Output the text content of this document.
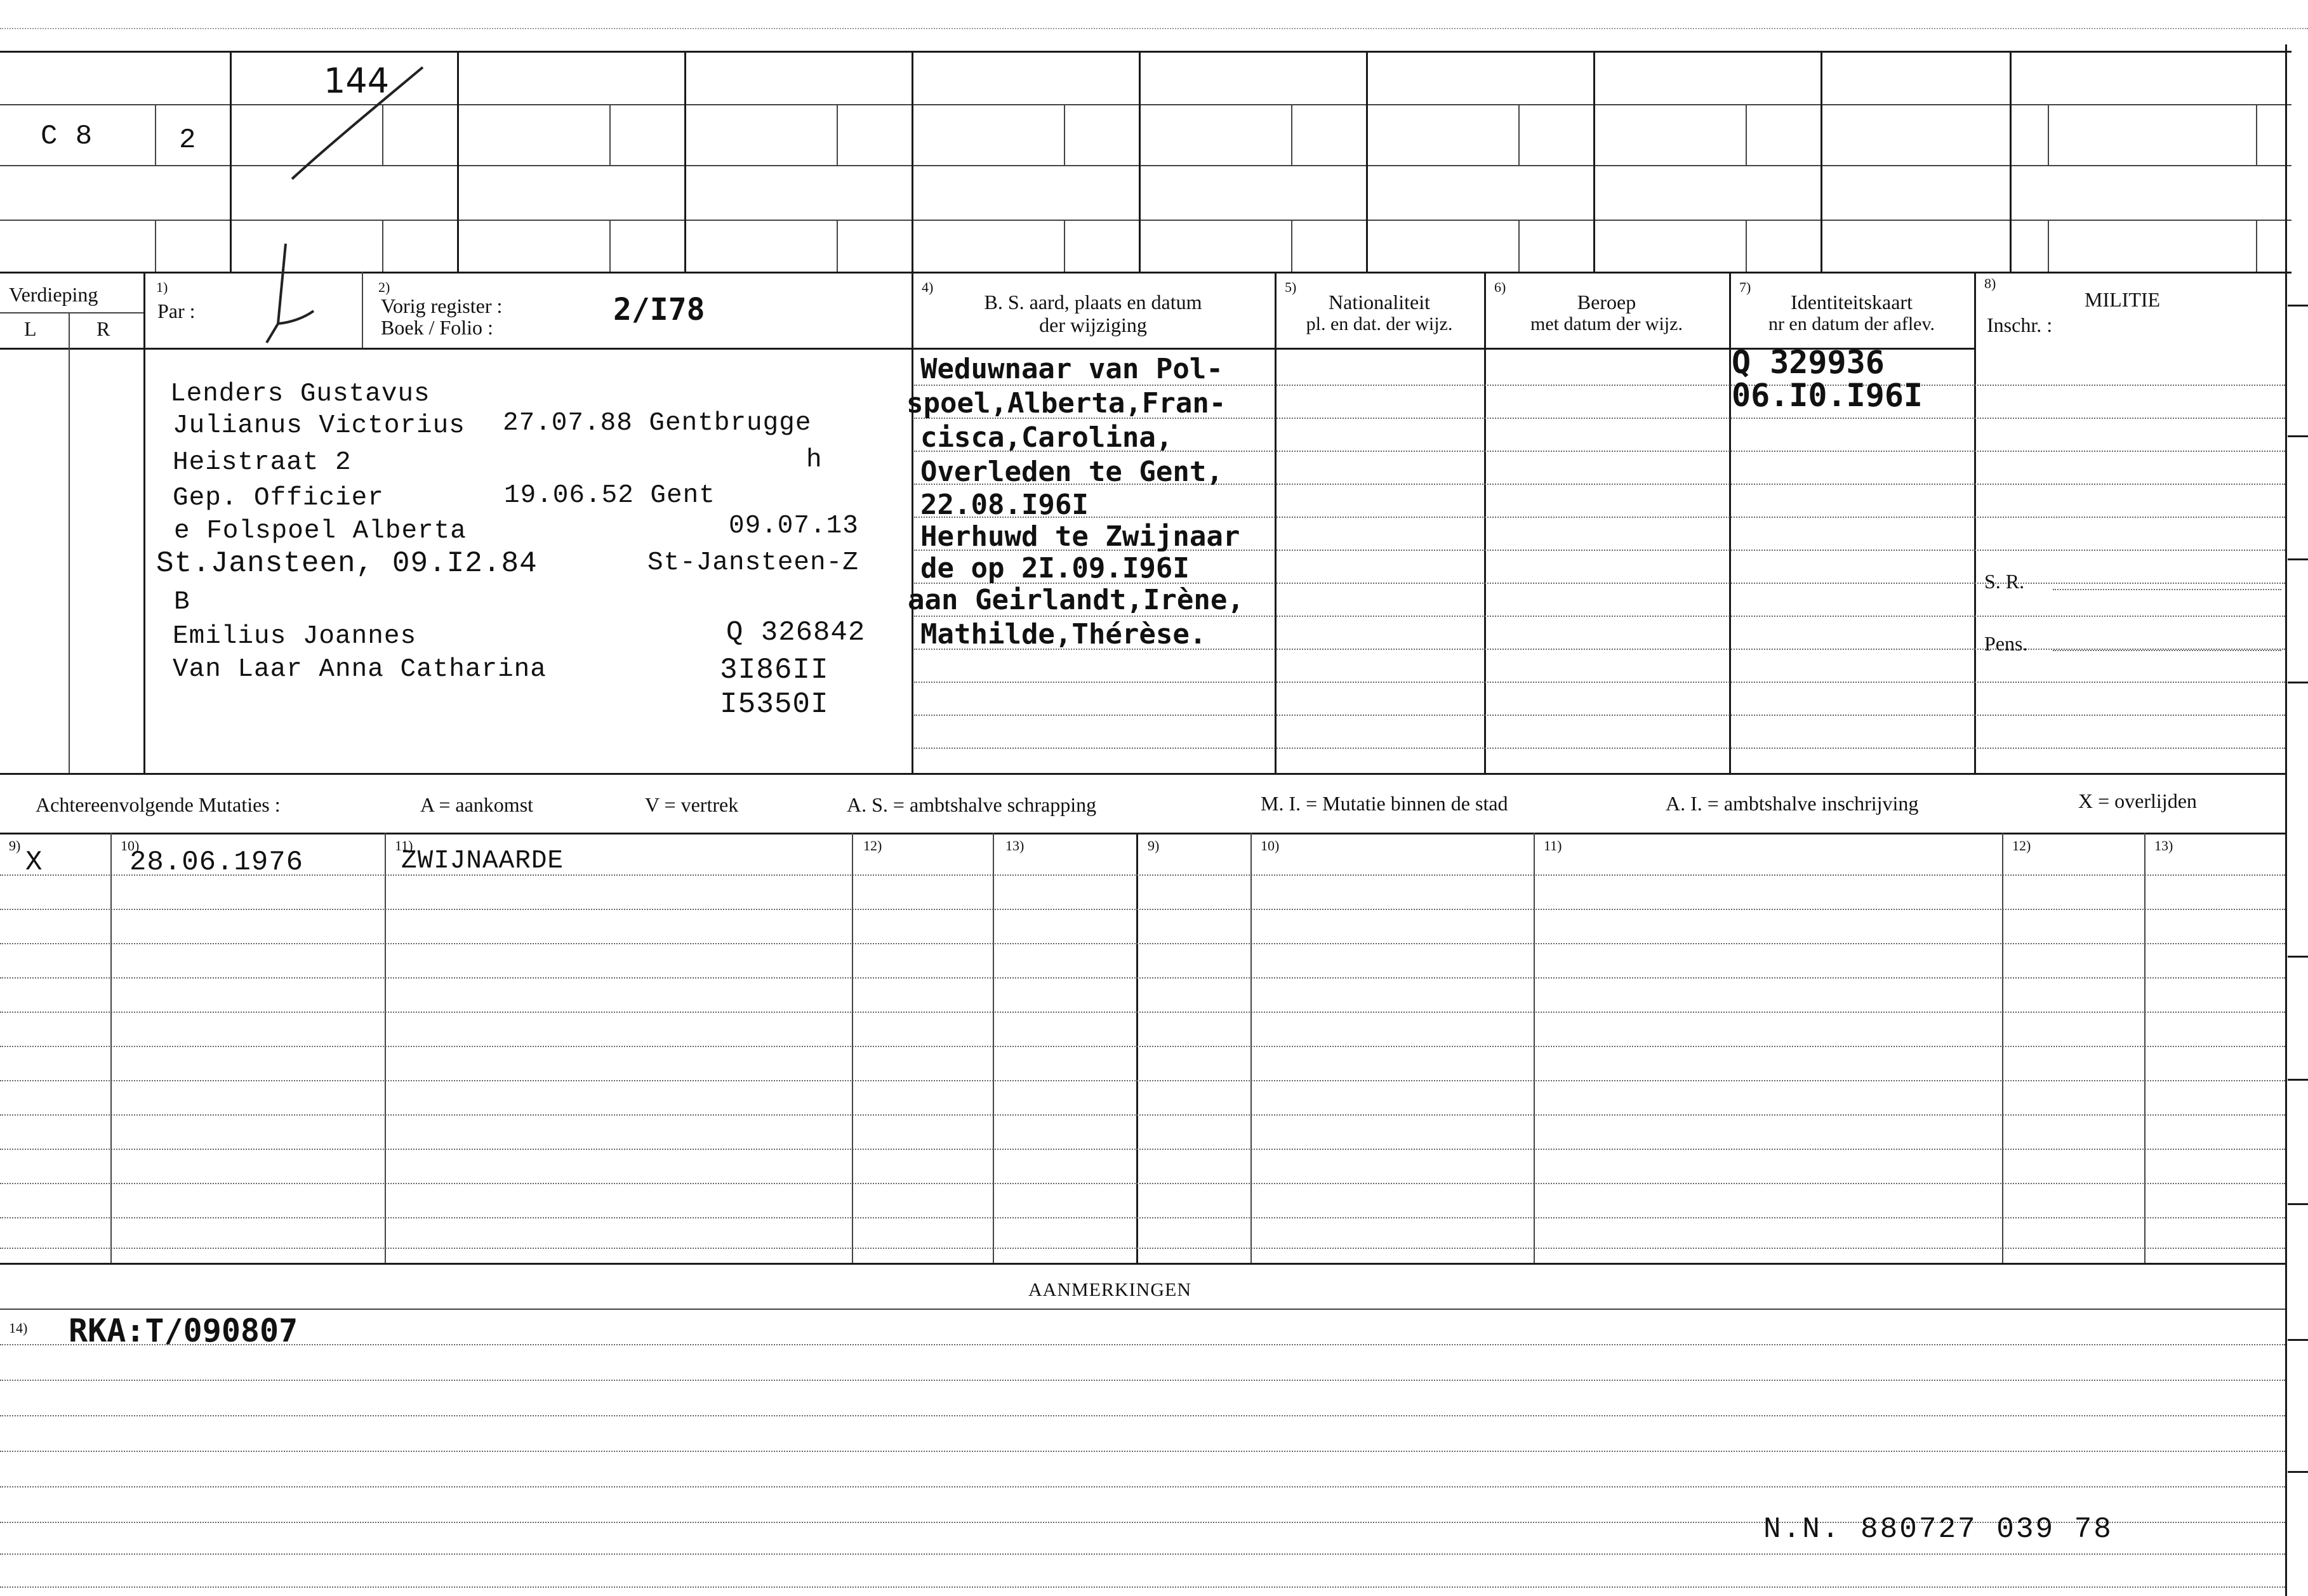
C 8	2
144
Verdieping
L	R
1)
Par :
2)
Vorig register :
Boek / Folio :	2/I78
4)
B. S. aard, plaats en datum
der wijziging
5)
Nationaliteit
pl. en dat. der wijz.
6)
Beroep
met datum der wijz.
7)
Identiteitskaart
nr en datum der aflev.
8)
MILITIE
Inschr. :
Lenders Gustavus
Julianus Victorius 27.07.88 Gentbrugge
Heistraat 2	h
Gep. Officier	19.06.52 Gent
e Folspoel Alberta	09.07.13
St.Jansteen, 09.I2.84	St-Jansteen-Z
B
Emilius Joannes	Q 326842
Van Laar Anna Catharina	3I86II
I5350I
Weduwnaar van Pol-
spoel,Alberta,Fran-
cisca,Carolina,
Overleden te Gent,
22.08.I96I
Herhuwd te Zwijnaar
de op 2I.09.I96I
aan Geirlandt,Irène,
Mathilde,Thérèse.
Q 329936
06.I0.I96I
S. R.
Pens.
Achtereenvolgende Mutaties :	A = aankomst	V = vertrek	A. S. = ambtshalve schrapping	M. I. = Mutatie binnen de stad	A. I. = ambtshalve inschrijving	X = overlijden
9)	10)	11)	12)	13)	9)	10)	11)	12)	13)
X	28.06.1976	ZWIJNAARDE
AANMERKINGEN
14) RKA:T/090807
N.N. 880727 039 78
